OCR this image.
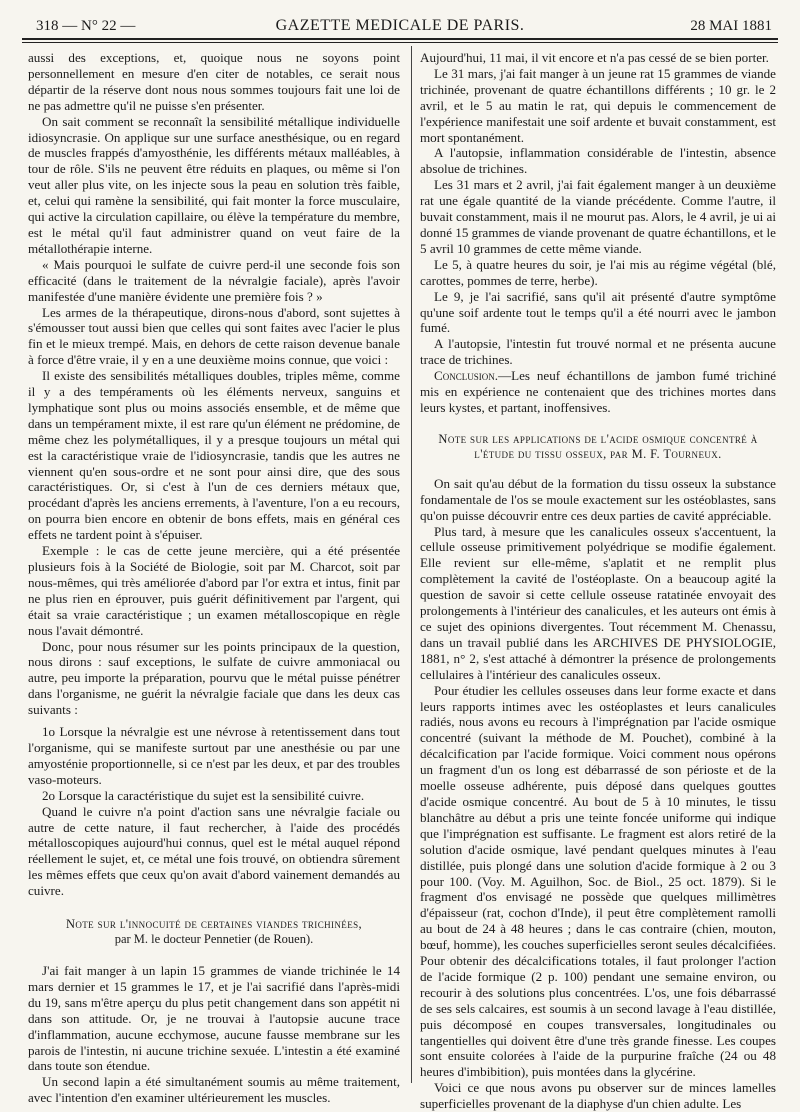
318 — N° 22 —	GAZETTE MEDICALE DE PARIS.	28 MAI 1881

aussi des exceptions, et, quoique nous ne soyons point personnellement en mesure d'en citer de notables, ce serait nous départir de la réserve dont nous nous sommes toujours fait une loi de ne pas admettre qu'il ne puisse s'en présenter.

On sait comment se reconnaît la sensibilité métallique individuelle idiosyncrasie. On applique sur une surface anesthésique, ou en regard de muscles frappés d'amyosthénie, les différents métaux malléables, à tour de rôle. S'ils ne peuvent être réduits en plaques, ou même si l'on veut aller plus vite, on les injecte sous la peau en solution très faible, et, celui qui ramène la sensibilité, qui fait monter la force musculaire, qui active la circulation capillaire, ou élève la température du membre, est le métal qu'il faut administrer quand on veut faire de la métallothérapie interne.

« Mais pourquoi le sulfate de cuivre perd-il une seconde fois son efficacité (dans le traitement de la névralgie faciale), après l'avoir manifestée d'une manière évidente une première fois ? »

Les armes de la thérapeutique, dirons-nous d'abord, sont sujettes à s'émousser tout aussi bien que celles qui sont faites avec l'acier le plus fin et le mieux trempé. Mais, en dehors de cette raison devenue banale à force d'être vraie, il y en a une deuxième moins connue, que voici :

Il existe des sensibilités métalliques doubles, triples même, comme il y a des tempéraments où les éléments nerveux, sanguins et lymphatique sont plus ou moins associés ensemble, et de même que dans un tempérament mixte, il est rare qu'un élément ne prédomine, de même chez les polymétalliques, il y a presque toujours un métal qui est la caractéristique vraie de l'idiosyncrasie, tandis que les autres ne viennent qu'en sous-ordre et ne sont pour ainsi dire, que des sous caractéristiques. Or, si c'est à l'un de ces derniers métaux que, procédant d'après les anciens errements, à l'aventure, l'on a eu recours, on pourra bien encore en obtenir de bons effets, mais en général ces effets ne tardent point à s'épuiser.

Exemple : le cas de cette jeune mercière, qui a été présentée plusieurs fois à la Société de Biologie, soit par M. Charcot, soit par nous-mêmes, qui très améliorée d'abord par l'or extra et intus, finit par ne plus rien en éprouver, puis guérit définitivement par l'argent, qui était sa vraie caractéristique ; un examen métalloscopique en règle nous l'avait démontré.

Donc, pour nous résumer sur les points principaux de la question, nous dirons : sauf exceptions, le sulfate de cuivre ammoniacal ou autre, peu importe la préparation, pourvu que le métal puisse pénétrer dans l'organisme, ne guérit la névralgie faciale que dans les deux cas suivants :

1o Lorsque la névralgie est une névrose à retentissement dans tout l'organisme, qui se manifeste surtout par une anesthésie ou par une amyosténie proportionnelle, si ce n'est par les deux, et par des troubles vaso-moteurs.

2o Lorsque la caractéristique du sujet est la sensibilité cuivre.

Quand le cuivre n'a point d'action sans une névralgie faciale ou autre de cette nature, il faut rechercher, à l'aide des procédés métalloscopiques aujourd'hui connus, quel est le métal auquel répond réellement le sujet, et, ce métal une fois trouvé, on obtiendra sûrement les mêmes effets que ceux qu'on avait d'abord vainement demandés au cuivre.

Note sur l'innocuité de certaines viandes trichinées,
par M. le docteur Pennetier (de Rouen).

J'ai fait manger à un lapin 15 grammes de viande trichinée le 14 mars dernier et 15 grammes le 17, et je l'ai sacrifié dans l'après-midi du 19, sans m'être aperçu du plus petit changement dans son appétit ni dans son attitude. Or, je ne trouvai à l'autopsie aucune trace d'inflammation, aucune ecchymose, aucune fausse membrane sur les parois de l'intestin, ni aucune trichine sexuée. L'intestin a été examiné dans toute son étendue.

Un second lapin a été simultanément soumis au même traitement, avec l'intention d'en examiner ultérieurement les muscles.

Aujourd'hui, 11 mai, il vit encore et n'a pas cessé de se bien porter.

Le 31 mars, j'ai fait manger à un jeune rat 15 grammes de viande trichinée, provenant de quatre échantillons différents ; 10 gr. le 2 avril, et le 5 au matin le rat, qui depuis le commencement de l'expérience manifestait une soif ardente et buvait constamment, est mort spontanément.

A l'autopsie, inflammation considérable de l'intestin, absence absolue de trichines.

Les 31 mars et 2 avril, j'ai fait également manger à un deuxième rat une égale quantité de la viande précédente. Comme l'autre, il buvait constamment, mais il ne mourut pas. Alors, le 4 avril, je ui ai donné 15 grammes de viande provenant de quatre échantillons, et le 5 avril 10 grammes de cette même viande.

Le 5, à quatre heures du soir, je l'ai mis au régime végétal (blé, carottes, pommes de terre, herbe).

Le 9, je l'ai sacrifié, sans qu'il ait présenté d'autre symptôme qu'une soif ardente tout le temps qu'il a été nourri avec le jambon fumé.

A l'autopsie, l'intestin fut trouvé normal et ne présenta aucune trace de trichines.

Conclusion.—Les neuf échantillons de jambon fumé trichiné mis en expérience ne contenaient que des trichines mortes dans leurs kystes, et partant, inoffensives.

Note sur les applications de l'acide osmique concentré à
l'étude du tissu osseux, par M. F. Tourneux.

On sait qu'au début de la formation du tissu osseux la substance fondamentale de l'os se moule exactement sur les ostéoblastes, sans qu'on puisse découvrir entre ces deux parties de cavité appréciable.

Plus tard, à mesure que les canalicules osseux s'accentuent, la cellule osseuse primitivement polyédrique se modifie également. Elle revient sur elle-même, s'aplatit et ne remplit plus complètement la cavité de l'ostéoplaste. On a beaucoup agité la question de savoir si cette cellule osseuse ratatinée envoyait des prolongements à l'intérieur des canalicules, et les auteurs ont émis à ce sujet des opinions divergentes. Tout récemment M. Chenassu, dans un travail publié dans les ARCHIVES DE PHYSIOLOGIE, 1881, n° 2, s'est attaché à démontrer la présence de prolongements cellulaires à l'intérieur des canalicules osseux.

Pour étudier les cellules osseuses dans leur forme exacte et dans leurs rapports intimes avec les ostéoplastes et leurs canalicules radiés, nous avons eu recours à l'imprégnation par l'acide osmique concentré (suivant la méthode de M. Pouchet), combiné à la décalcification par l'acide formique. Voici comment nous opérons un fragment d'un os long est débarrassé de son périoste et de la moelle osseuse adhérente, puis déposé dans quelques gouttes d'acide osmique concentré. Au bout de 5 à 10 minutes, le tissu blanchâtre au début a pris une teinte foncée uniforme qui indique que l'imprégnation est suffisante. Le fragment est alors retiré de la solution d'acide osmique, lavé pendant quelques minutes à l'eau distillée, puis plongé dans une solution d'acide formique à 2 ou 3 pour 100. (Voy. M. Aguilhon, Soc. de Biol., 25 oct. 1879). Si le fragment d'os envisagé ne possède que quelques millimètres d'épaisseur (rat, cochon d'Inde), il peut être complètement ramolli au bout de 24 à 48 heures ; dans le cas contraire (chien, mouton, bœuf, homme), les couches superficielles seront seules décalcifiées. Pour obtenir des décalcifications totales, il faut prolonger l'action de l'acide formique (2 p. 100) pendant une semaine environ, ou recourir à des solutions plus concentrées. L'os, une fois débarrassé de ses sels calcaires, est soumis à un second lavage à l'eau distillée, puis décomposé en coupes transversales, longitudinales ou tangentielles qui doivent être d'une très grande finesse. Les coupes sont ensuite colorées à l'aide de la purpurine fraîche (24 ou 48 heures d'imbibition), puis montées dans la glycérine.

Voici ce que nous avons pu observer sur de minces lamelles superficielles provenant de la diaphyse d'un chien adulte. Les
